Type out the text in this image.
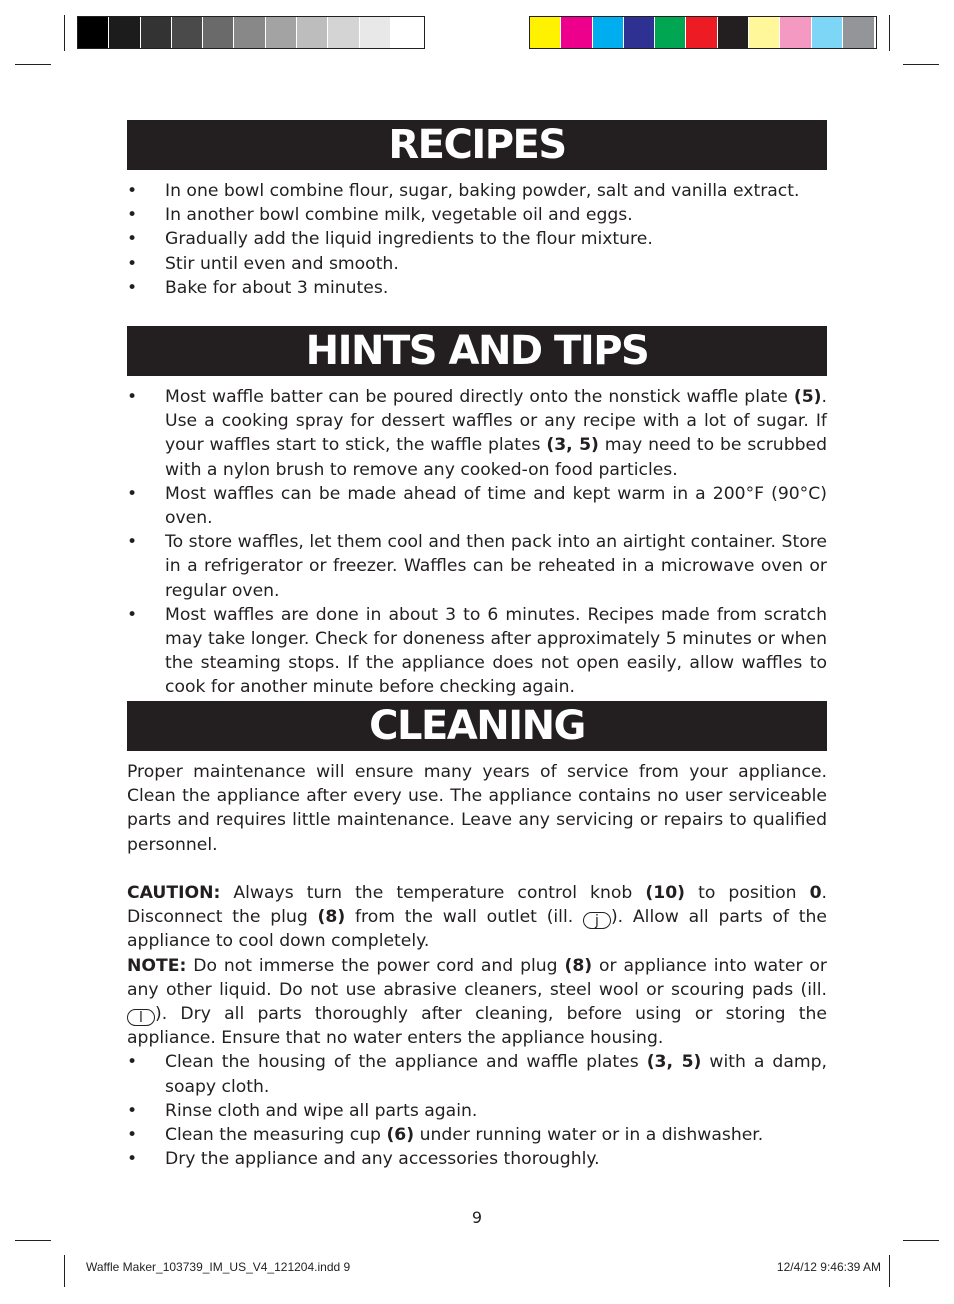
RECIPES
• In one bowl combine flour, sugar, baking powder, salt and vanilla extract.
• In another bowl combine milk, vegetable oil and eggs.
• Gradually add the liquid ingredients to the flour mixture.
• Stir until even and smooth.
• Bake for about 3 minutes.
HINTS AND TIPS
• Most waffle batter can be poured directly onto the nonstick waffle plate (5). Use a cooking spray for dessert waffles or any recipe with a lot of sugar. If your waffles start to stick, the waffle plates (3, 5) may need to be scrubbed with a nylon brush to remove any cooked-on food particles.
• Most waffles can be made ahead of time and kept warm in a 200°F (90°C) oven.
• To store waffles, let them cool and then pack into an airtight container. Store in a refrigerator or freezer. Waffles can be reheated in a microwave oven or regular oven.
• Most waffles are done in about 3 to 6 minutes. Recipes made from scratch may take longer. Check for doneness after approximately 5 minutes or when the steaming stops. If the appliance does not open easily, allow waffles to cook for another minute before checking again.
CLEANING

Proper maintenance will ensure many years of service from your appliance. Clean the appliance after every use. The appliance contains no user serviceable parts and requires little maintenance. Leave any servicing or repairs to qualified personnel.

CAUTION: Always turn the temperature control knob (10) to position 0. Disconnect the plug (8) from the wall outlet (ill. j ). Allow all parts of the appliance to cool down completely.

NOTE: Do not immerse the power cord and plug (8) or appliance into water or any other liquid. Do not use abrasive cleaners, steel wool or scouring pads (ill. l ). Dry all parts thoroughly after cleaning, before using or storing the appliance. Ensure that no water enters the appliance housing.

• Clean the housing of the appliance and waffle plates (3, 5) with a damp, soapy cloth.
• Rinse cloth and wipe all parts again.
• Clean the measuring cup (6) under running water or in a dishwasher.
• Dry the appliance and any accessories thoroughly.
9
Waffle Maker_103739_IM_US_V4_121204.indd 9	12/4/12 9:46:39 AM
